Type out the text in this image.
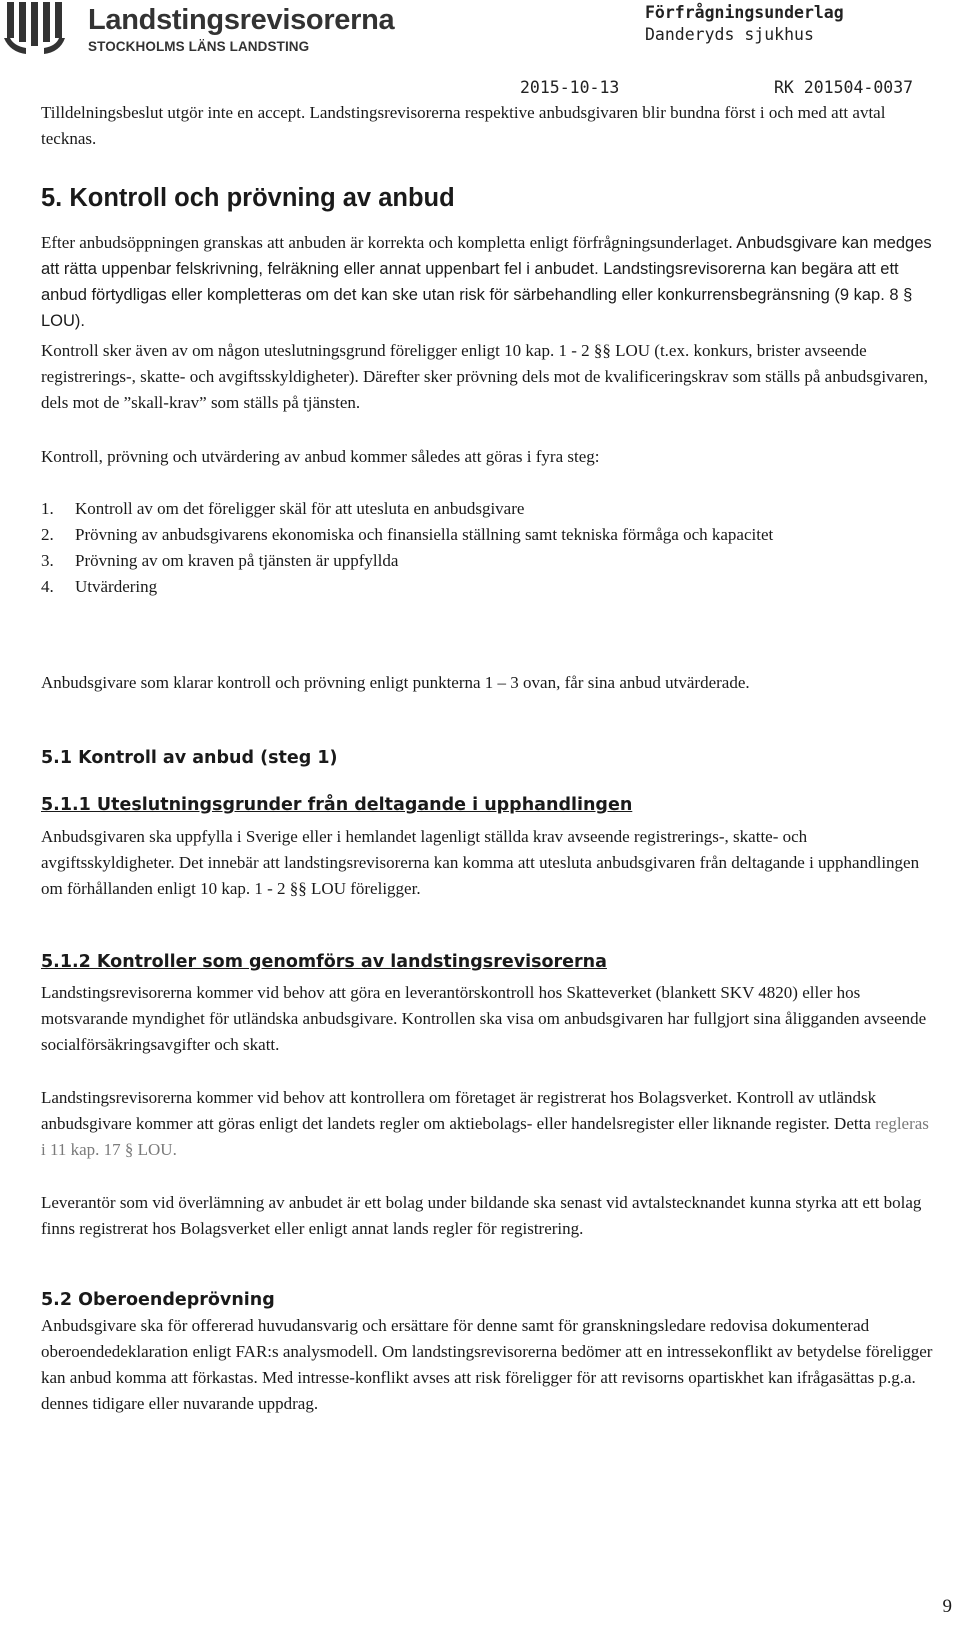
Landstingsrevisorerna
STOCKHOLMS LÄNS LANDSTING
Förfrågningsunderlag
Danderyds sjukhus
2015-10-13	RK 201504-0037

Tilldelningsbeslut utgör inte en accept. Landstingsrevisorerna respektive anbudsgivaren blir bundna först i och med att avtal tecknas.

5. Kontroll och prövning av anbud

Efter anbudsöppningen granskas att anbuden är korrekta och kompletta enligt förfrågningsunderlaget. Anbudsgivare kan medges att rätta uppenbar felskrivning, felräkning eller annat uppenbart fel i anbudet. Landstingsrevisorerna kan begära att ett anbud förtydligas eller kompletteras om det kan ske utan risk för särbehandling eller konkurrensbegränsning (9 kap. 8 § LOU).

Kontroll sker även av om någon uteslutningsgrund föreligger enligt 10 kap. 1 - 2 §§ LOU (t.ex. konkurs, brister avseende registrerings-, skatte- och avgiftsskyldigheter). Därefter sker prövning dels mot de kvalificeringskrav som ställs på anbudsgivaren, dels mot de ”skall-krav” som ställs på tjänsten.

Kontroll, prövning och utvärdering av anbud kommer således att göras i fyra steg:

1. Kontroll av om det föreligger skäl för att utesluta en anbudsgivare
2. Prövning av anbudsgivarens ekonomiska och finansiella ställning samt tekniska förmåga och kapacitet
3. Prövning av om kraven på tjänsten är uppfyllda
4. Utvärdering

Anbudsgivare som klarar kontroll och prövning enligt punkterna 1 – 3 ovan, får sina anbud utvärderade.

5.1 Kontroll av anbud (steg 1)
5.1.1 Uteslutningsgrunder från deltagande i upphandlingen

Anbudsgivaren ska uppfylla i Sverige eller i hemlandet lagenligt ställda krav avseende registrerings-, skatte- och avgiftsskyldigheter. Det innebär att landstingsrevisorerna kan komma att utesluta anbudsgivaren från deltagande i upphandlingen om förhållanden enligt 10 kap. 1 - 2 §§ LOU föreligger.

5.1.2 Kontroller som genomförs av landstingsrevisorerna

Landstingsrevisorerna kommer vid behov att göra en leverantörskontroll hos Skatteverket (blankett SKV 4820) eller hos motsvarande myndighet för utländska anbudsgivare. Kontrollen ska visa om anbudsgivaren har fullgjort sina åligganden avseende socialförsäkringsavgifter och skatt.

Landstingsrevisorerna kommer vid behov att kontrollera om företaget är registrerat hos Bolagsverket. Kontroll av utländsk anbudsgivare kommer att göras enligt det landets regler om aktiebolags- eller handelsregister eller liknande register. Detta regleras i 11 kap. 17 § LOU.

Leverantör som vid överlämning av anbudet är ett bolag under bildande ska senast vid avtalstecknandet kunna styrka att ett bolag finns registrerat hos Bolagsverket eller enligt annat lands regler för registrering.

5.2 Oberoendeprövning

Anbudsgivare ska för offererad huvudansvarig och ersättare för denne samt för granskningsledare redovisa dokumenterad oberoendedeklaration enligt FAR:s analysmodell. Om landstingsrevisorerna bedömer att en intressekonflikt av betydelse föreligger kan anbud komma att förkastas. Med intresse-konflikt avses att risk föreligger för att revisorns opartiskhet kan ifrågasättas p.g.a. dennes tidigare eller nuvarande uppdrag.

9
